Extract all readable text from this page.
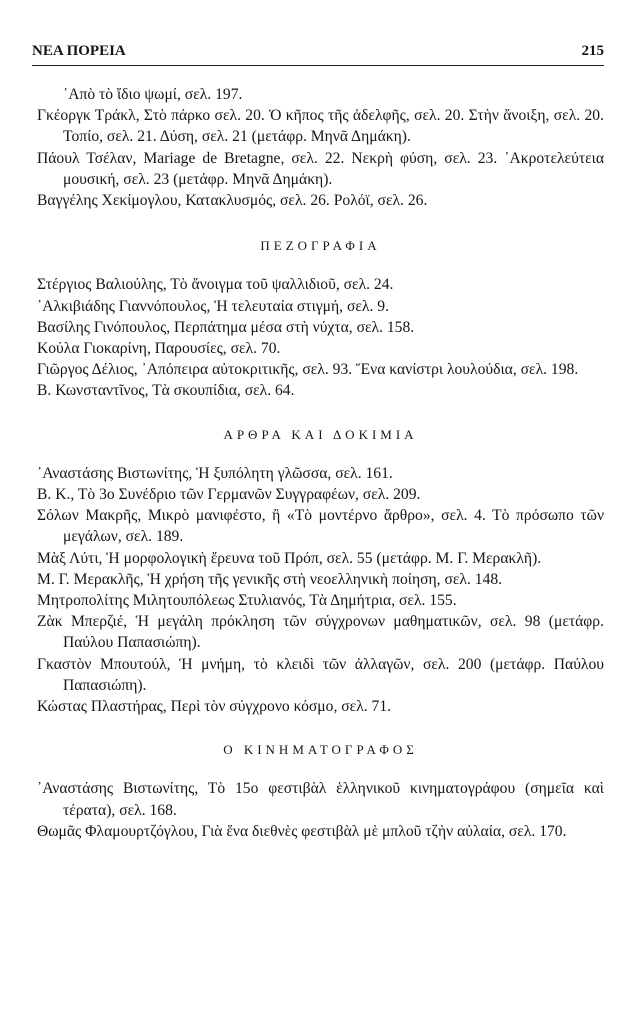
ΝΕΑ ΠΟΡΕΙΑ	215

᾿Απὸ τὸ ἴδιο ψωμί, σελ. 197.

Γκέοργκ Τράκλ, Στὸ πάρκο σελ. 20. Ὁ κῆπος τῆς ἀδελφῆς, σελ. 20. Στὴν ἄνοιξη, σελ. 20. Τοπίο, σελ. 21. Δύση, σελ. 21 (μετάφρ. Μηνᾶ Δημάκη).

Πάουλ Τσέλαν, Mariage de Bretagne, σελ. 22. Νεκρὴ φύση, σελ. 23. ᾿Ακροτελεύτεια μουσική, σελ. 23 (μετάφρ. Μηνᾶ Δημάκη).

Βαγγέλης Χεκίμογλου, Κατακλυσμός, σελ. 26. Ρολόϊ, σελ. 26.

ΠΕΖΟΓΡΑΦΙΑ

Στέργιος Βαλιούλης, Τὸ ἄνοιγμα τοῦ ψαλλιδιοῦ, σελ. 24.

᾿Αλκιβιάδης Γιαννόπουλος, Ἡ τελευταία στιγμή, σελ. 9.

Βασίλης Γινόπουλος, Περπάτημα μέσα στὴ νύχτα, σελ. 158.

Κούλα Γιοκαρίνη, Παρουσίες, σελ. 70.

Γιῶργος Δέλιος, ᾿Απόπειρα αὐτοκριτικῆς, σελ. 93. Ἕνα κανίστρι λουλούδια, σελ. 198.

Β. Κωνσταντῖνος, Τὰ σκουπίδια, σελ. 64.

ΑΡΘΡΑ ΚΑΙ ΔΟΚΙΜΙΑ

᾿Αναστάσης Βιστωνίτης, Ἡ ξυπόλητη γλῶσσα, σελ. 161.

Β. Κ., Τὸ 3ο Συνέδριο τῶν Γερμανῶν Συγγραφέων, σελ. 209.

Σόλων Μακρῆς, Μικρὸ μανιφέστο, ἢ «Τὸ μοντέρνο ἄρθρο», σελ. 4. Τὸ πρόσωπο τῶν μεγάλων, σελ. 189.

Μὰξ Λύτι, Ἡ μορφολογικὴ ἔρευνα τοῦ Πρόπ, σελ. 55 (μετάφρ. Μ. Γ. Μερακλῆ).

Μ. Γ. Μερακλῆς, Ἡ χρήση τῆς γενικῆς στὴ νεοελληνικὴ ποίηση, σελ. 148.

Μητροπολίτης Μιλητουπόλεως Στυλιανός, Τὰ Δημήτρια, σελ. 155.

Ζὰκ Μπερζιέ, Ἡ μεγάλη πρόκληση τῶν σύγχρονων μαθηματικῶν, σελ. 98 (μετάφρ. Παύλου Παπασιώπη).

Γκαστὸν Μπουτούλ, Ἡ μνήμη, τὸ κλειδὶ τῶν ἀλλαγῶν, σελ. 200 (μετάφρ. Παύλου Παπασιώπη).

Κώστας Πλαστήρας, Περὶ τὸν σύγχρονο κόσμο, σελ. 71.

Ο ΚΙΝΗΜΑΤΟΓΡΑΦΟΣ

᾿Αναστάσης Βιστωνίτης, Τὸ 15ο φεστιβὰλ ἑλληνικοῦ κινηματογράφου (σημεῖα καὶ τέρατα), σελ. 168.

Θωμᾶς Φλαμουρτζόγλου, Γιὰ ἕνα διεθνὲς φεστιβὰλ μὲ μπλοῦ τζὴν αὐλαία, σελ. 170.
